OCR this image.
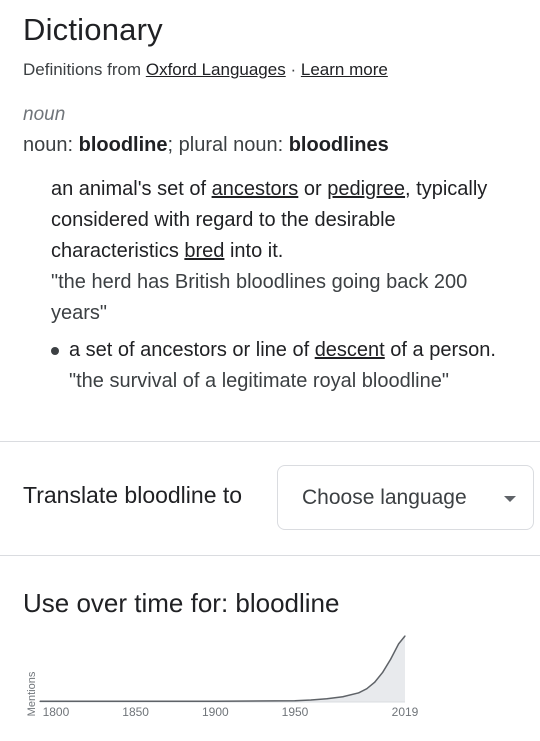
Dictionary
Definitions from Oxford Languages · Learn more
noun
noun: bloodline; plural noun: bloodlines
an animal's set of ancestors or pedigree, typically considered with regard to the desirable characteristics bred into it.
"the herd has British bloodlines going back 200 years"
a set of ancestors or line of descent of a person.
"the survival of a legitimate royal bloodline"
Translate bloodline to	Choose language
Use over time for: bloodline
Mentions 1800	1850	1900	1950	2019
